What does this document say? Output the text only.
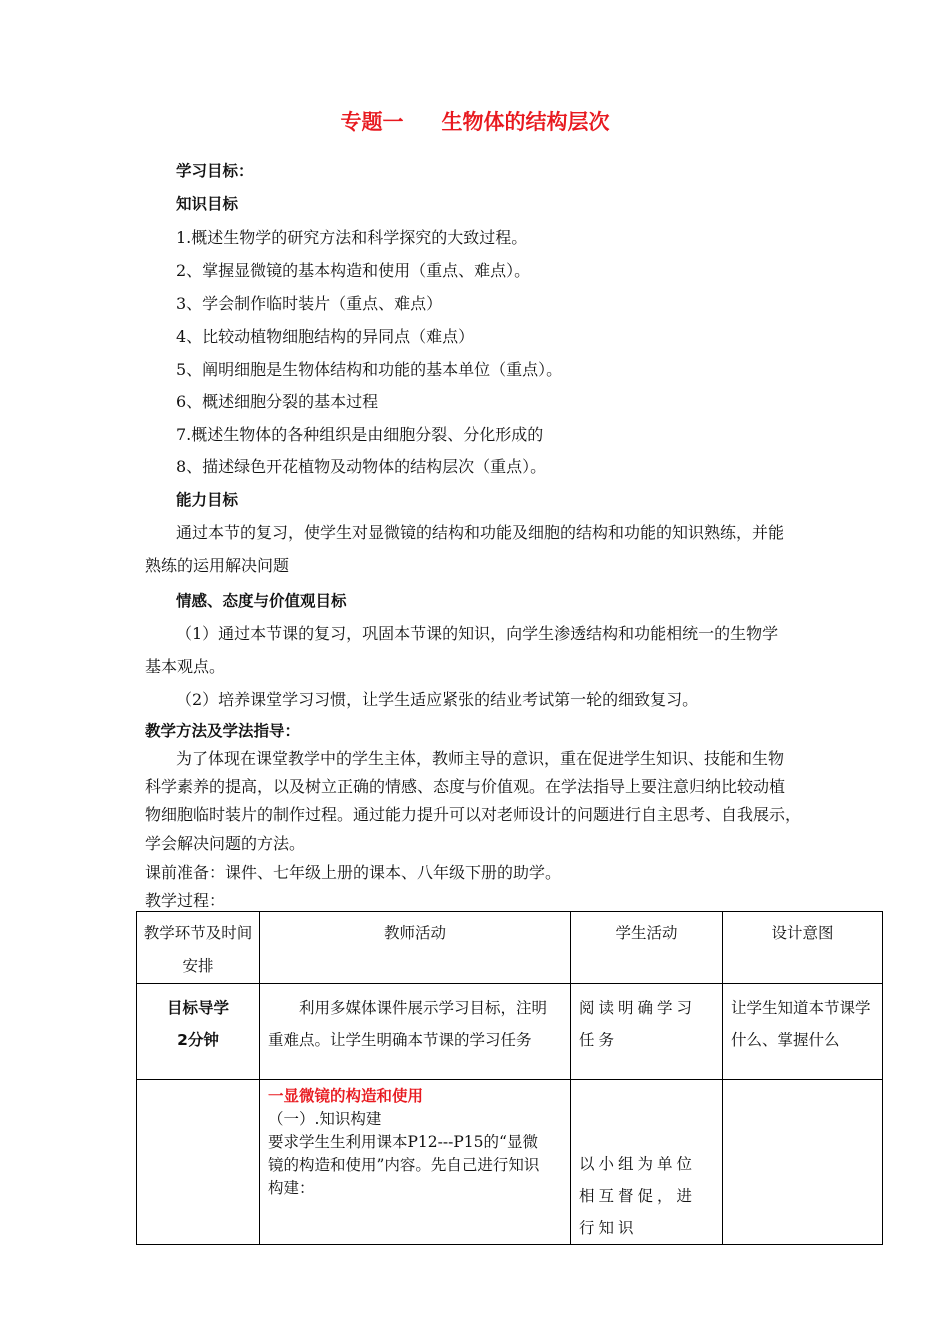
专题一 生物体的结构层次
学习目标：
知识目标
1.概述生物学的研究方法和科学探究的大致过程。
2、掌握显微镜的基本构造和使用（重点、难点）。
3、学会制作临时装片（重点、难点）
4、比较动植物细胞结构的异同点（难点）
5、阐明细胞是生物体结构和功能的基本单位（重点）。
6、概述细胞分裂的基本过程
7.概述生物体的各种组织是由细胞分裂、分化形成的
8、描述绿色开花植物及动物体的结构层次（重点）。
能力目标
通过本节的复习，使学生对显微镜的结构和功能及细胞的结构和功能的知识熟练，并能
熟练的运用解决问题
情感、态度与价值观目标
（1）通过本节课的复习，巩固本节课的知识，向学生渗透结构和功能相统一的生物学
基本观点。
（2）培养课堂学习习惯，让学生适应紧张的结业考试第一轮的细致复习。
教学方法及学法指导：
为了体现在课堂教学中的学生主体，教师主导的意识，重在促进学生知识、技能和生物
科学素养的提高，以及树立正确的情感、态度与价值观。在学法指导上要注意归纳比较动植
物细胞临时装片的制作过程。通过能力提升可以对老师设计的问题进行自主思考、自我展示，
学会解决问题的方法。
课前准备：课件、七年级上册的课本、八年级下册的助学。
教学过程：
教学环节及时间安排	教师活动	学生活动	设计意图

目标导学
2分钟	利用多媒体课件展示学习目标，注明重难点。让学生明确本节课的学习任务	阅读明确学习任务	让学生知道本节课学什么、掌握什么

	一显微镜的构造和使用
（一）.知识构建
要求学生生利用课本P12---P15的“显微
镜的构造和使用”内容。先自己进行知识
构建：	以小组为单位相互督促，进行知识	
